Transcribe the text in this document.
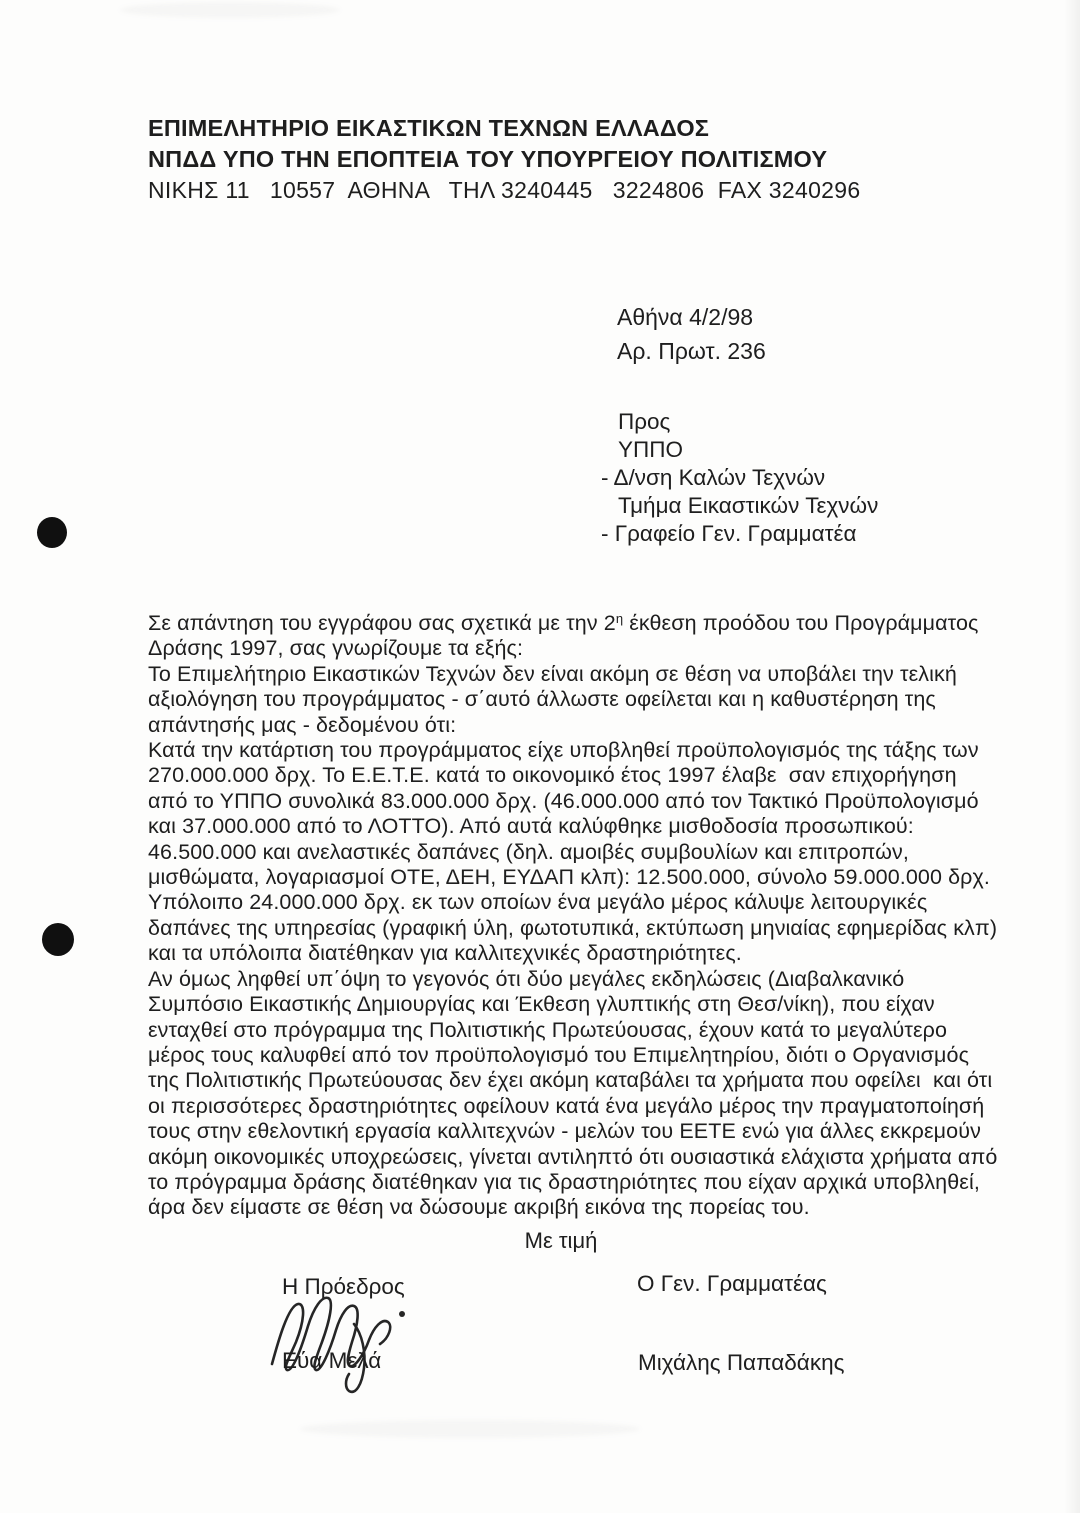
ΕΠΙΜΕΛΗΤΗΡΙΟ ΕΙΚΑΣΤΙΚΩΝ ΤΕΧΝΩΝ ΕΛΛΑΔΟΣ
ΝΠΔΔ ΥΠΟ ΤΗΝ ΕΠΟΠΤΕΙΑ ΤΟΥ ΥΠΟΥΡΓΕΙΟΥ ΠΟΛΙΤΙΣΜΟΥ
ΝΙΚΗΣ 11   10557  ΑΘΗΝΑ   ΤΗΛ 3240445   3224806  FAX 3240296
Αθήνα 4/2/98
Αρ. Πρωτ. 236
Προς
ΥΠΠΟ
- Δ/νση Καλών Τεχνών
Τμήμα Εικαστικών Τεχνών
- Γραφείο Γεν. Γραμματέα
Σε απάντηση του εγγράφου σας σχετικά με την $2^\eta$ έκθεση προόδου του Προγράμματος
Δράσης 1997, σας γνωρίζουμε τα εξής:
Το Επιμελήτηριο Εικαστικών Τεχνών δεν είναι ακόμη σε θέση να υποβάλει την τελική
αξιολόγηση του προγράμματος - σ΄αυτό άλλωστε οφείλεται και η καθυστέρηση της
απάντησής μας - δεδομένου ότι:
Κατά την κατάρτιση του προγράμματος είχε υποβληθεί προϋπολογισμός της τάξης των
270.000.000 δρχ. Το Ε.Ε.Τ.Ε. κατά το οικονομικό έτος 1997 έλαβε  σαν επιχορήγηση
από το ΥΠΠΟ συνολικά 83.000.000 δρχ. (46.000.000 από τον Τακτικό Προϋπολογισμό
και 37.000.000 από το ΛΟΤΤΟ). Από αυτά καλύφθηκε μισθοδοσία προσωπικού:
46.500.000 και ανελαστικές δαπάνες (δηλ. αμοιβές συμβουλίων και επιτροπών,
μισθώματα, λογαριασμοί ΟΤΕ, ΔΕΗ, ΕΥΔΑΠ κλπ): 12.500.000, σύνολο 59.000.000 δρχ.
Υπόλοιπο 24.000.000 δρχ. εκ των οποίων ένα μεγάλο μέρος κάλυψε λειτουργικές
δαπάνες της υπηρεσίας (γραφική ύλη, φωτοτυπικά, εκτύπωση μηνιαίας εφημερίδας κλπ)
και τα υπόλοιπα διατέθηκαν για καλλιτεχνικές δραστηριότητες.
Αν όμως ληφθεί υπ΄όψη το γεγονός ότι δύο μεγάλες εκδηλώσεις (Διαβαλκανικό
Συμπόσιο Εικαστικής Δημιουργίας και Έκθεση γλυπτικής στη Θεσ/νίκη), που είχαν
ενταχθεί στο πρόγραμμα της Πολιτιστικής Πρωτεύουσας, έχουν κατά το μεγαλύτερο
μέρος τους καλυφθεί από τον προϋπολογισμό του Επιμελητηρίου, διότι ο Οργανισμός
της Πολιτιστικής Πρωτεύουσας δεν έχει ακόμη καταβάλει τα χρήματα που οφείλει  και ότι
οι περισσότερες δραστηριότητες οφείλουν κατά ένα μεγάλο μέρος την πραγματοποίησή
τους στην εθελοντική εργασία καλλιτεχνών - μελών του ΕΕΤΕ ενώ για άλλες εκκρεμούν
ακόμη οικονομικές υποχρεώσεις, γίνεται αντιληπτό ότι ουσιαστικά ελάχιστα χρήματα από
το πρόγραμμα δράσης διατέθηκαν για τις δραστηριότητες που είχαν αρχικά υποβληθεί,
άρα δεν είμαστε σε θέση να δώσουμε ακριβή εικόνα της πορείας του.
Με τιμή
Η Πρόεδρος
Εύα Μελά
Ο Γεν. Γραμματέας
Μιχάλης Παπαδάκης
